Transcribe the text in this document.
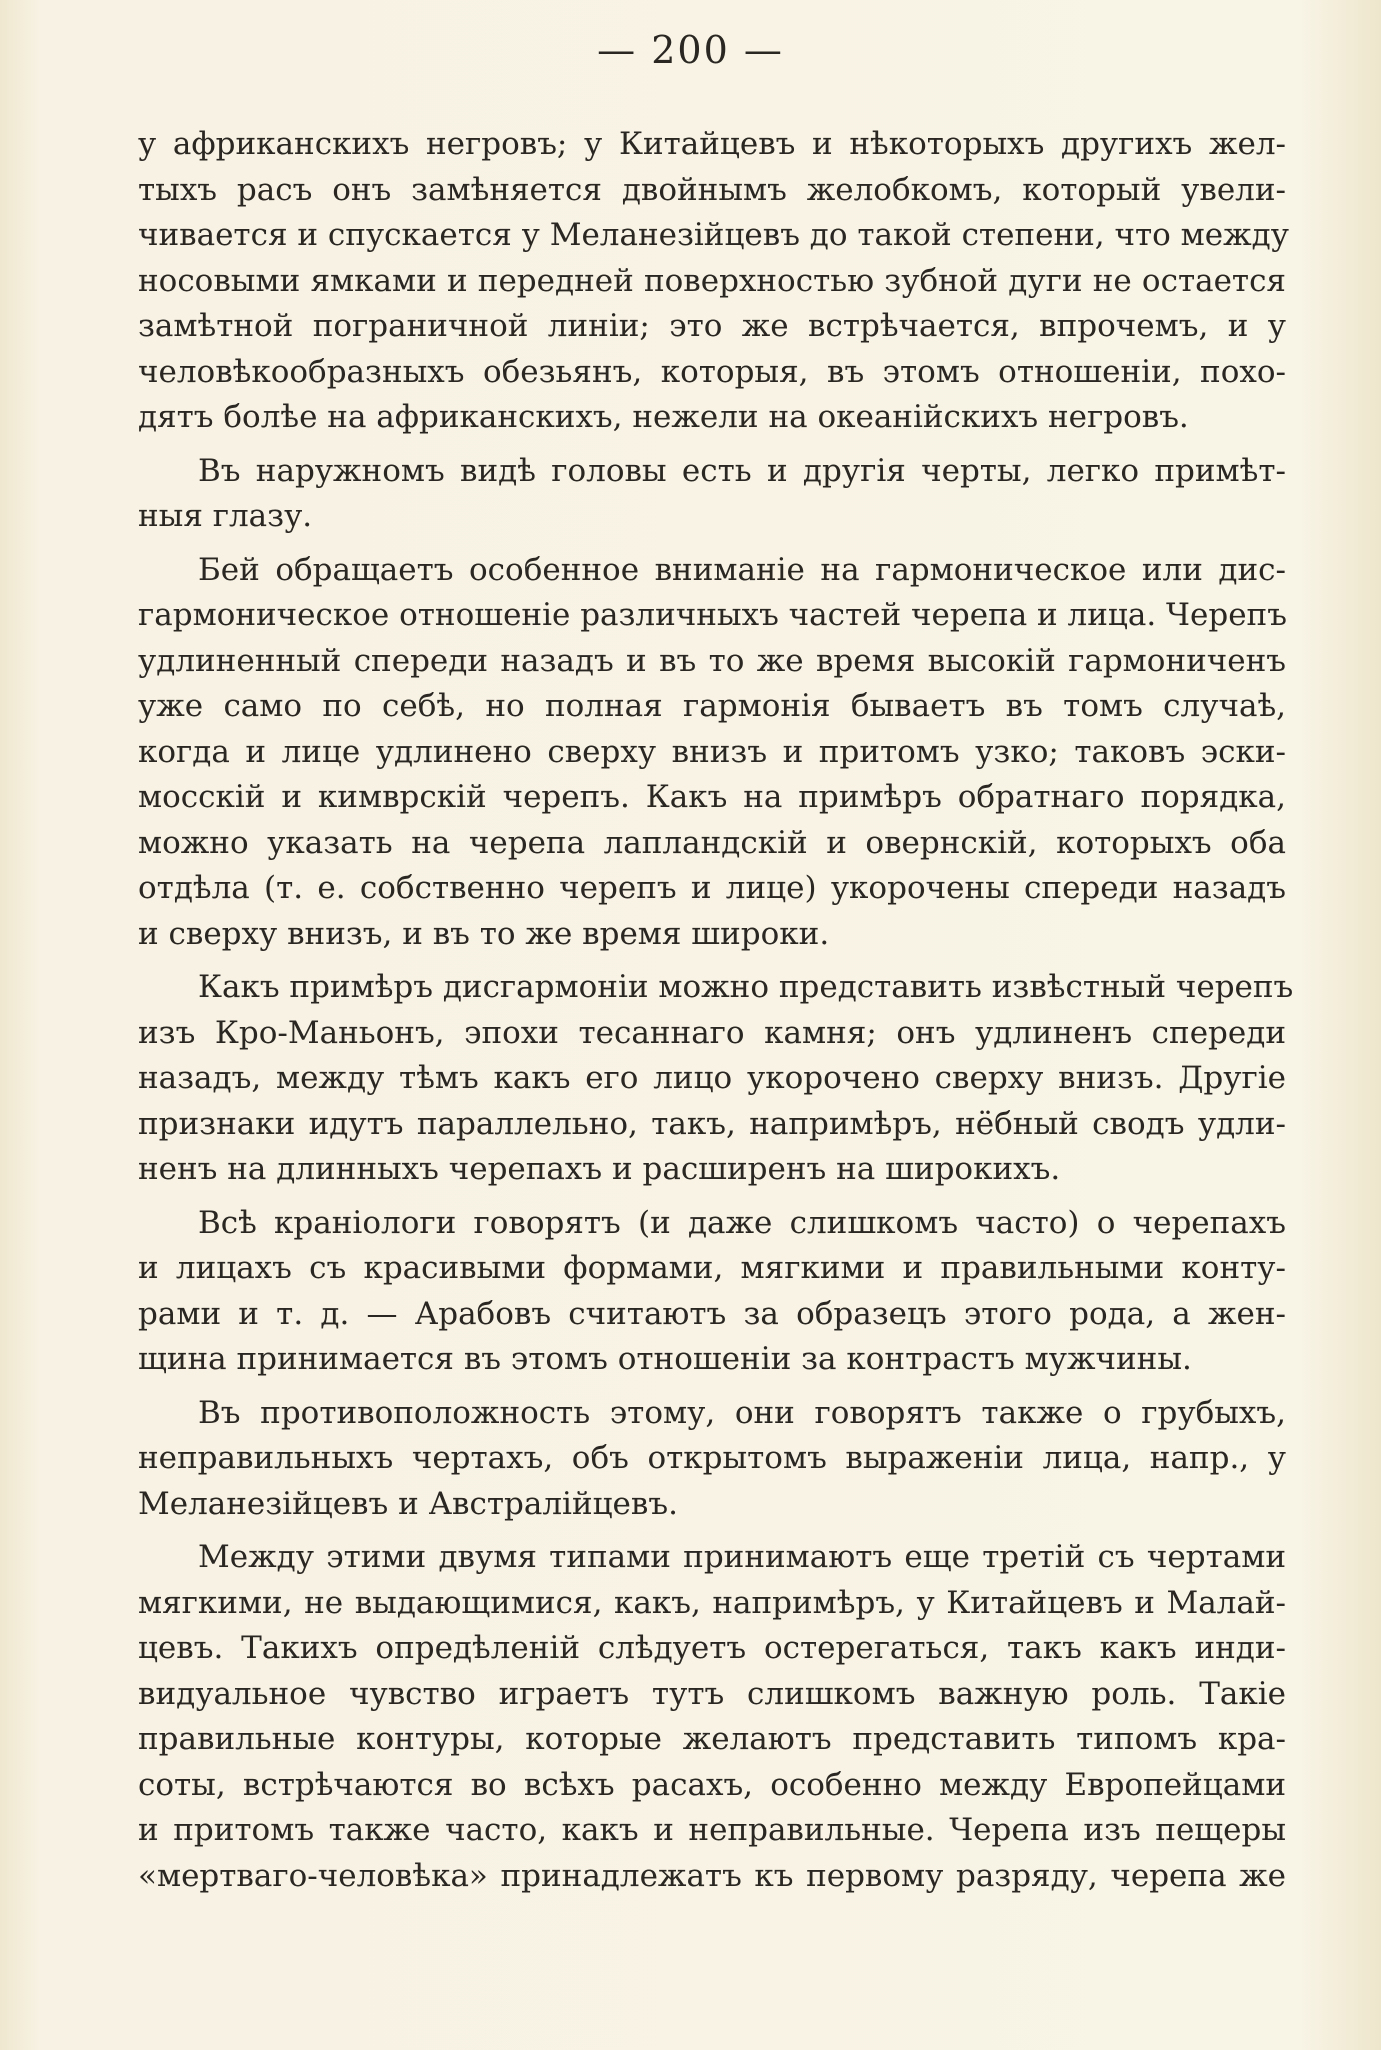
— 200 —
у африканскихъ негровъ; у Китайцевъ и нѣкоторыхъ другихъ жел-
тыхъ расъ онъ замѣняется двойнымъ желобкомъ, который увели-
чивается и спускается у Меланезійцевъ до такой степени, что между
носовыми ямками и передней поверхностью зубной дуги не остается
замѣтной пограничной линіи; это же встрѣчается, впрочемъ, и у
человѣкообразныхъ обезьянъ, которыя, въ этомъ отношеніи, похо-
дятъ болѣе на африканскихъ, нежели на океанійскихъ негровъ.
Въ наружномъ видѣ головы есть и другія черты, легко примѣт-
ныя глазу.
Бей обращаетъ особенное вниманіе на гармоническое или дис-
гармоническое отношеніе различныхъ частей черепа и лица. Черепъ
удлиненный спереди назадъ и въ то же время высокій гармониченъ
уже само по себѣ, но полная гармонія бываетъ въ томъ случаѣ,
когда и лице удлинено сверху внизъ и притомъ узко; таковъ эски-
мосскій и кимврскій черепъ. Какъ на примѣръ обратнаго порядка,
можно указать на черепа лапландскій и овернскій, которыхъ оба
отдѣла (т. е. собственно черепъ и лице) укорочены спереди назадъ
и сверху внизъ, и въ то же время широки.
Какъ примѣръ дисгармоніи можно представить извѣстный черепъ
изъ Кро-Маньонъ, эпохи тесаннаго камня; онъ удлиненъ спереди
назадъ, между тѣмъ какъ его лицо укорочено сверху внизъ. Другіе
признаки идутъ параллельно, такъ, напримѣръ, нёбный сводъ удли-
ненъ на длинныхъ черепахъ и расширенъ на широкихъ.
Всѣ краніологи говорятъ (и даже слишкомъ часто) о черепахъ
и лицахъ съ красивыми формами, мягкими и правильными конту-
рами и т. д. — Арабовъ считаютъ за образецъ этого рода, а жен-
щина принимается въ этомъ отношеніи за контрастъ мужчины.
Въ противоположность этому, они говорятъ также о грубыхъ,
неправильныхъ чертахъ, объ открытомъ выраженіи лица, напр., у
Меланезійцевъ и Австралійцевъ.
Между этими двумя типами принимаютъ еще третій съ чертами
мягкими, не выдающимися, какъ, напримѣръ, у Китайцевъ и Малай-
цевъ. Такихъ опредѣленій слѣдуетъ остерегаться, такъ какъ инди-
видуальное чувство играетъ тутъ слишкомъ важную роль. Такіе
правильные контуры, которые желаютъ представить типомъ кра-
соты, встрѣчаются во всѣхъ расахъ, особенно между Европейцами
и притомъ также часто, какъ и неправильные. Черепа изъ пещеры
«мертваго-человѣка» принадлежатъ къ первому разряду, черепа же
